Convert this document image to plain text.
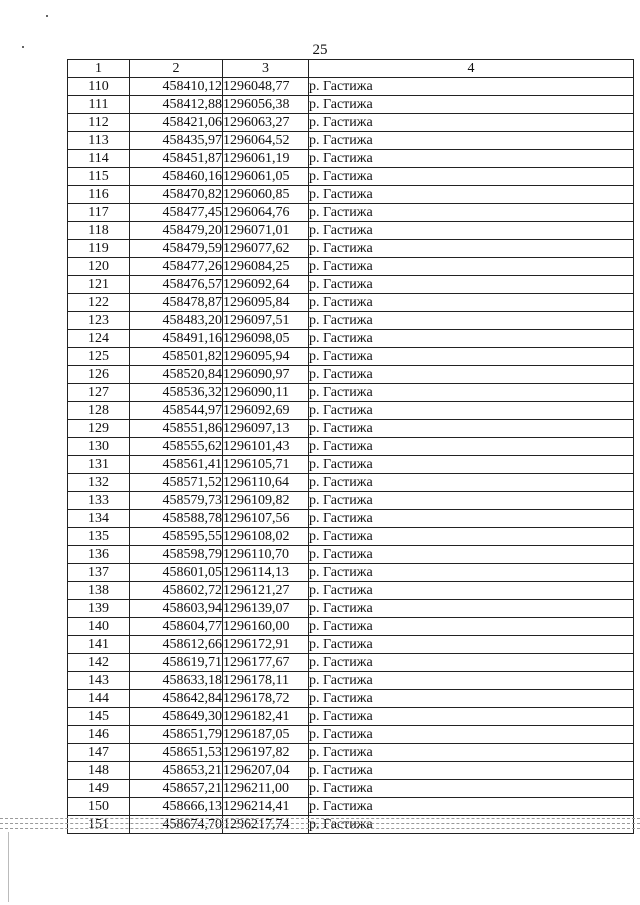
25
1	2	3	4
110	458410,12	1296048,77	р. Гастижа
111	458412,88	1296056,38	р. Гастижа
112	458421,06	1296063,27	р. Гастижа
113	458435,97	1296064,52	р. Гастижа
114	458451,87	1296061,19	р. Гастижа
115	458460,16	1296061,05	р. Гастижа
116	458470,82	1296060,85	р. Гастижа
117	458477,45	1296064,76	р. Гастижа
118	458479,20	1296071,01	р. Гастижа
119	458479,59	1296077,62	р. Гастижа
120	458477,26	1296084,25	р. Гастижа
121	458476,57	1296092,64	р. Гастижа
122	458478,87	1296095,84	р. Гастижа
123	458483,20	1296097,51	р. Гастижа
124	458491,16	1296098,05	р. Гастижа
125	458501,82	1296095,94	р. Гастижа
126	458520,84	1296090,97	р. Гастижа
127	458536,32	1296090,11	р. Гастижа
128	458544,97	1296092,69	р. Гастижа
129	458551,86	1296097,13	р. Гастижа
130	458555,62	1296101,43	р. Гастижа
131	458561,41	1296105,71	р. Гастижа
132	458571,52	1296110,64	р. Гастижа
133	458579,73	1296109,82	р. Гастижа
134	458588,78	1296107,56	р. Гастижа
135	458595,55	1296108,02	р. Гастижа
136	458598,79	1296110,70	р. Гастижа
137	458601,05	1296114,13	р. Гастижа
138	458602,72	1296121,27	р. Гастижа
139	458603,94	1296139,07	р. Гастижа
140	458604,77	1296160,00	р. Гастижа
141	458612,66	1296172,91	р. Гастижа
142	458619,71	1296177,67	р. Гастижа
143	458633,18	1296178,11	р. Гастижа
144	458642,84	1296178,72	р. Гастижа
145	458649,30	1296182,41	р. Гастижа
146	458651,79	1296187,05	р. Гастижа
147	458651,53	1296197,82	р. Гастижа
148	458653,21	1296207,04	р. Гастижа
149	458657,21	1296211,00	р. Гастижа
150	458666,13	1296214,41	р. Гастижа
151	458674,70	1296217,74	р. Гастижа
